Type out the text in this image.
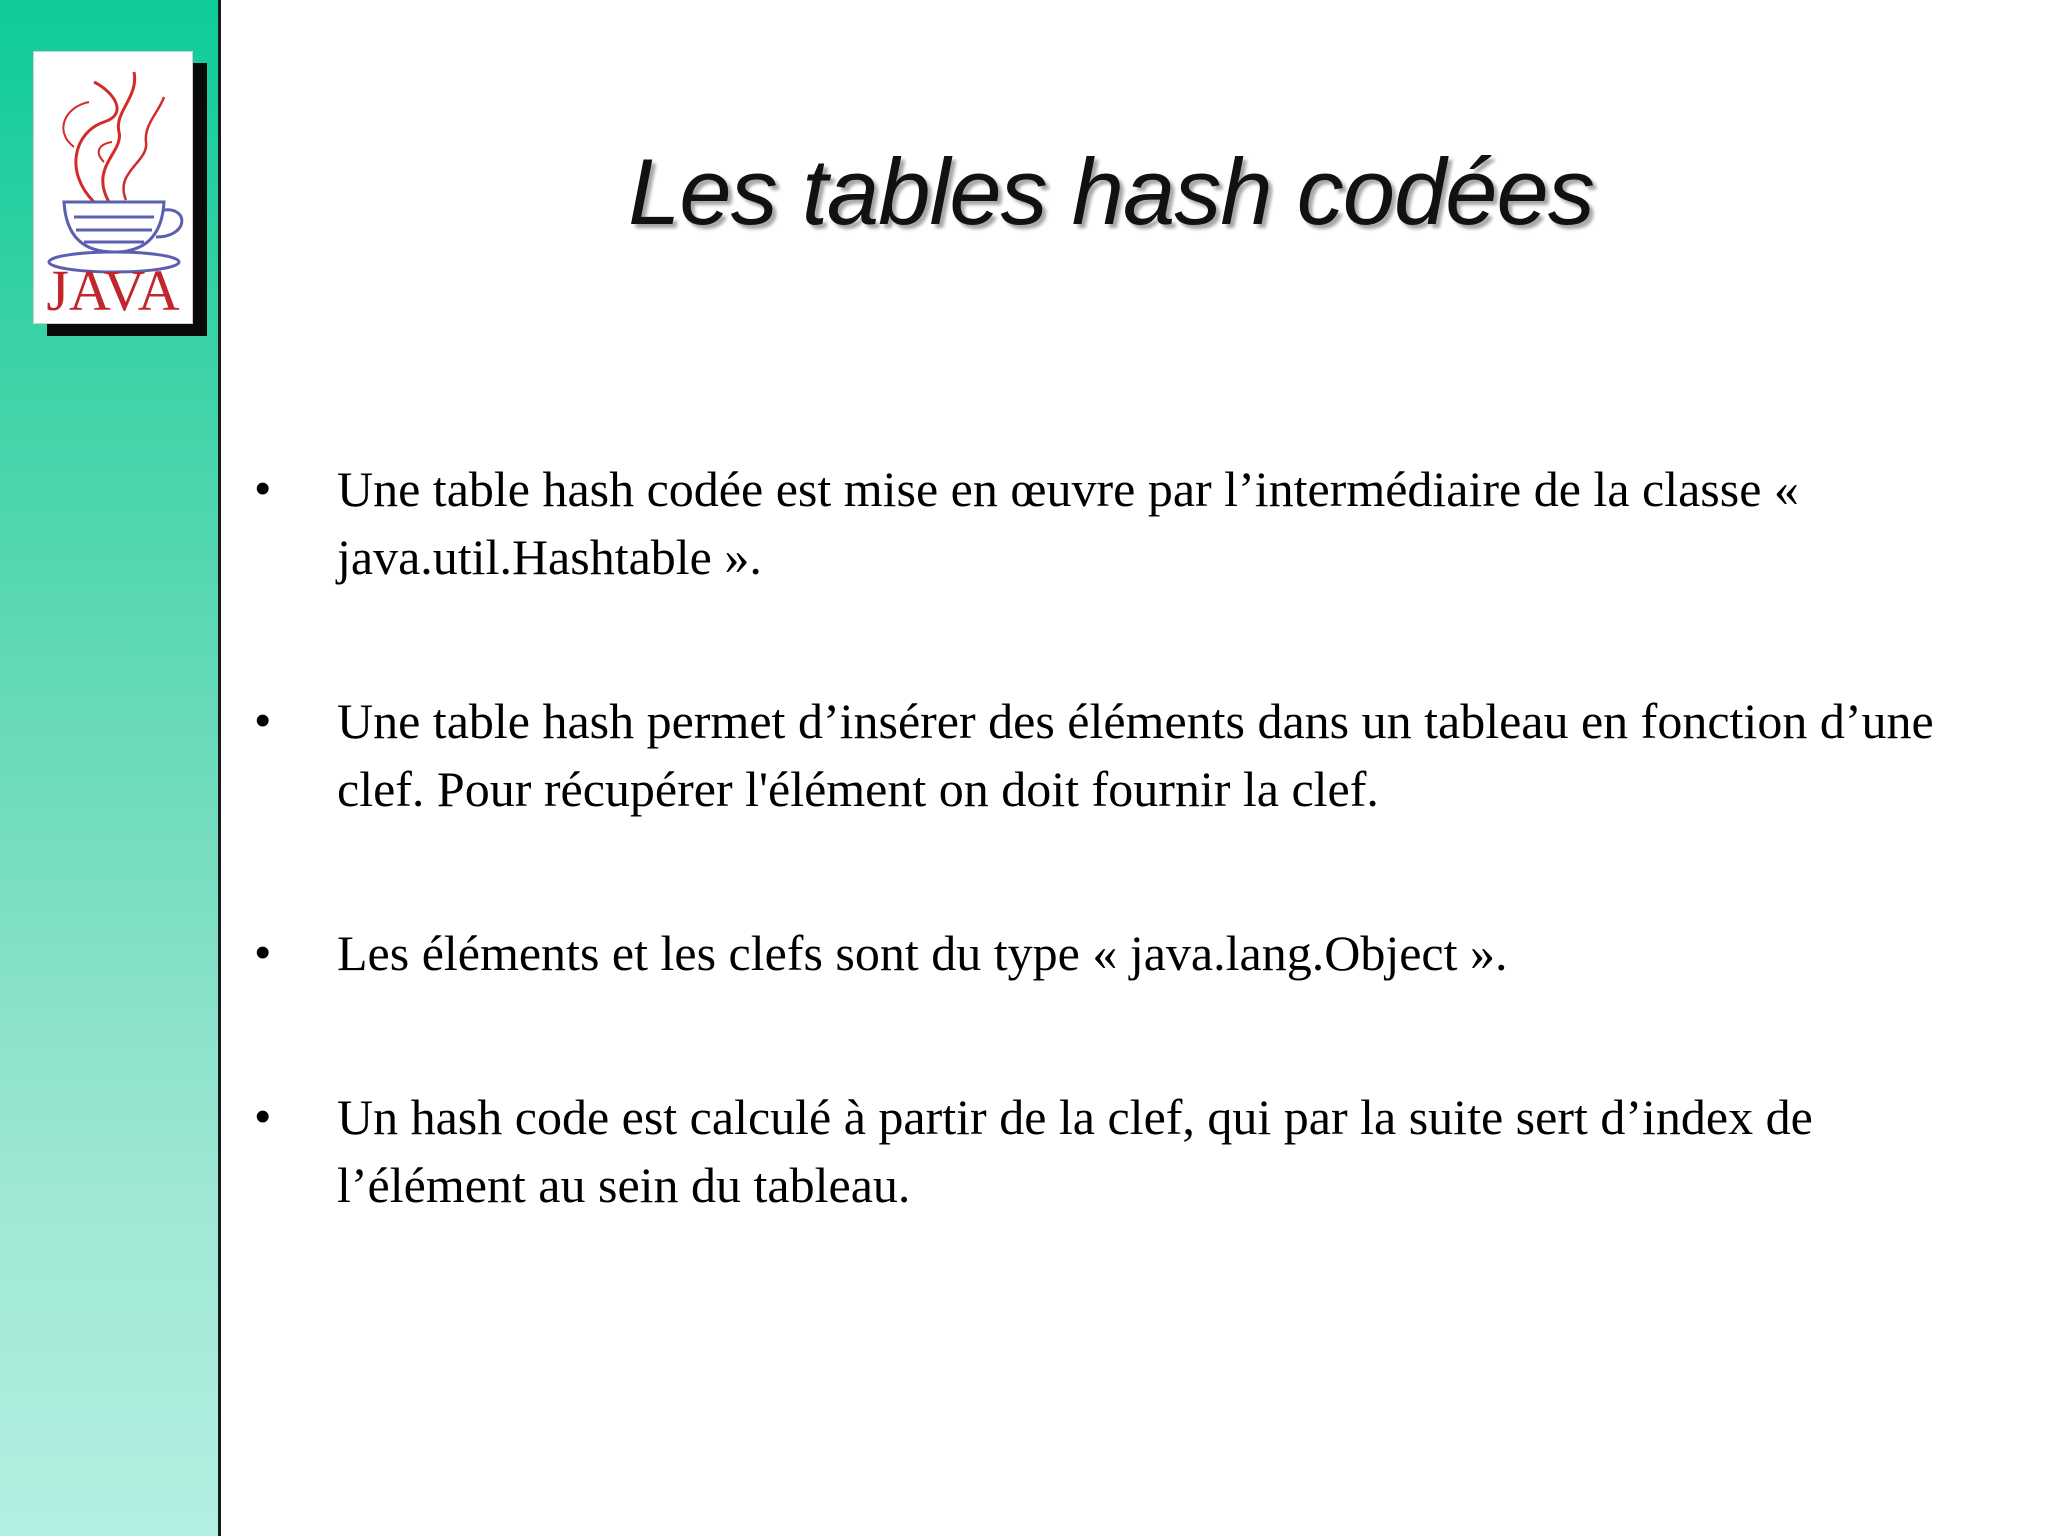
JAVA
Les tables hash codées
• Une table hash codée est mise en œuvre par l’intermédiaire de la classe « java.util.Hashtable ».
• Une table hash permet d’insérer des éléments dans un tableau en fonction d’une clef. Pour récupérer l'élément on doit fournir la clef.
• Les éléments et les clefs sont du type « java.lang.Object ».
• Un hash code est calculé à partir de la clef, qui par la suite sert d’index de l’élément au sein du tableau.
